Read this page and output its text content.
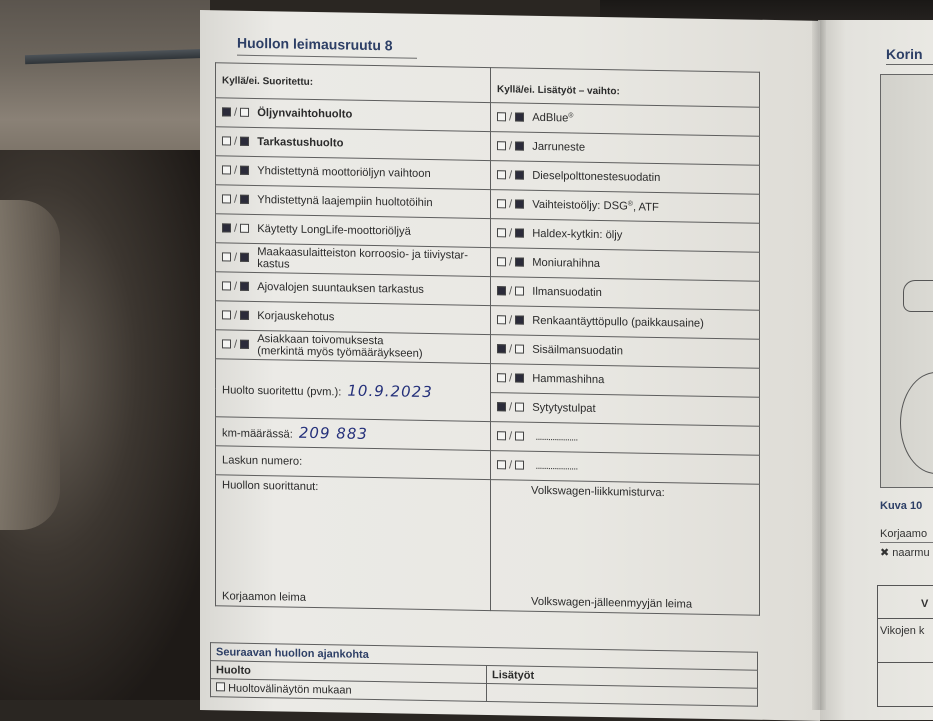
Huollon leimausruutu 8
Kyllä/ei. Suoritettu:	Kyllä/ei. Lisätyöt – vaihto:
/ Öljynvaihtohuolto	/ AdBlue®
/ Tarkastushuolto	/ Jarruneste
/ Yhdistettynä moottoriöljyn vaihtoon	/ Dieselpolttonestesuodatin
/ Yhdistettynä laajempiin huoltotöihin	/ Vaihteistoöljy: DSG®, ATF
/ Käytetty LongLife-moottoriöljyä	/ Haldex-kytkin: öljy
/ Maakaasulaitteiston korroosio- ja tiiviystar-
kastus	/ Moniurahihna
/ Ajovalojen suuntauksen tarkastus	/ Ilmansuodatin
/ Korjauskehotus	/ Renkaantäyttöpullo (paikkausaine)
/ Asiakkaan toivomuksesta
(merkintä myös työmääräykseen)	/ Sisäilmansuodatin
Huolto suoritettu (pvm.): 10.9.2023	/ Hammashihna
	/ Sytytystulpat
km-määrässä: 209 883	/ ....................
Laskun numero:	/ ....................

Huollon suorittanut:
Korjaamon leima	Volkswagen-liikkumisturva:
Volkswagen-jälleenmyyjän leima
Seuraavan huollon ajankohta	
Huolto	Lisätyöt
Huoltovälinäytön mukaan	
Korin
Kuva 10
Korjaamo
✖ naarmu
V
Vikojen k
